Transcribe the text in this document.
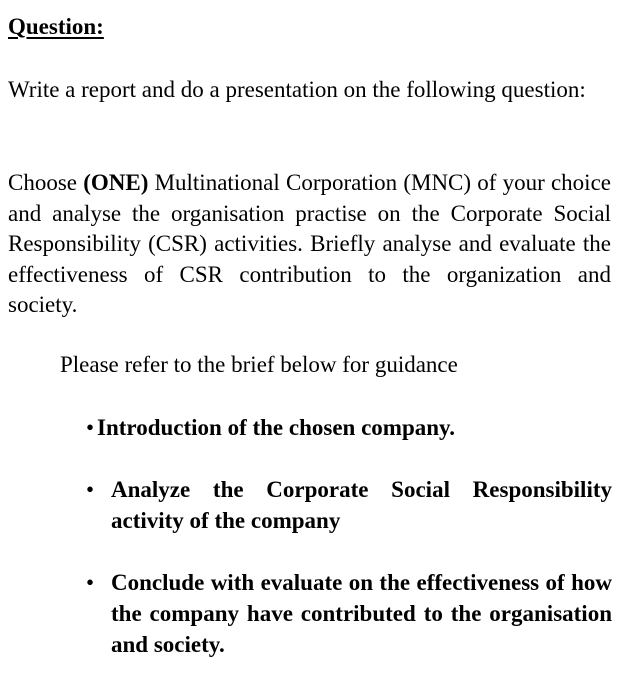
Question:

Write a report and do a presentation on the following question:

Choose (ONE) Multinational Corporation (MNC) of your choice and analyse the organisation practise on the Corporate Social Responsibility (CSR) activities. Briefly analyse and evaluate the effectiveness of CSR contribution to the organization and society.

Please refer to the brief below for guidance

• Introduction of the chosen company.
• Analyze the Corporate Social Responsibility activity of the company
• Conclude with evaluate on the effectiveness of how the company have contributed to the organisation and society.
